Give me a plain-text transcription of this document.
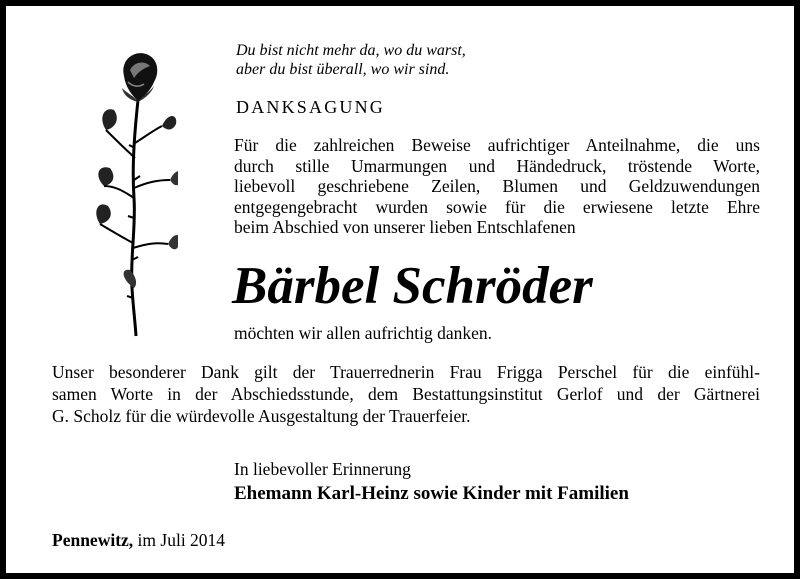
Du bist nicht mehr da, wo du warst,
aber du bist überall, wo wir sind.
DANKSAGUNG
Für die zahlreichen Beweise aufrichtiger Anteilnahme, die uns
durch stille Umarmungen und Händedruck, tröstende Worte,
liebevoll geschriebene Zeilen, Blumen und Geldzuwendungen
entgegengebracht wurden sowie für die erwiesene letzte Ehre
beim Abschied von unserer lieben Entschlafenen
Bärbel Schröder
möchten wir allen aufrichtig danken.
Unser besonderer Dank gilt der Trauerrednerin Frau Frigga Perschel für die einfühl-
samen Worte in der Abschiedsstunde, dem Bestattungsinstitut Gerlof und der Gärtnerei
G. Scholz für die würdevolle Ausgestaltung der Trauerfeier.
In liebevoller Erinnerung
Ehemann Karl-Heinz sowie Kinder mit Familien
Pennewitz, im Juli 2014
